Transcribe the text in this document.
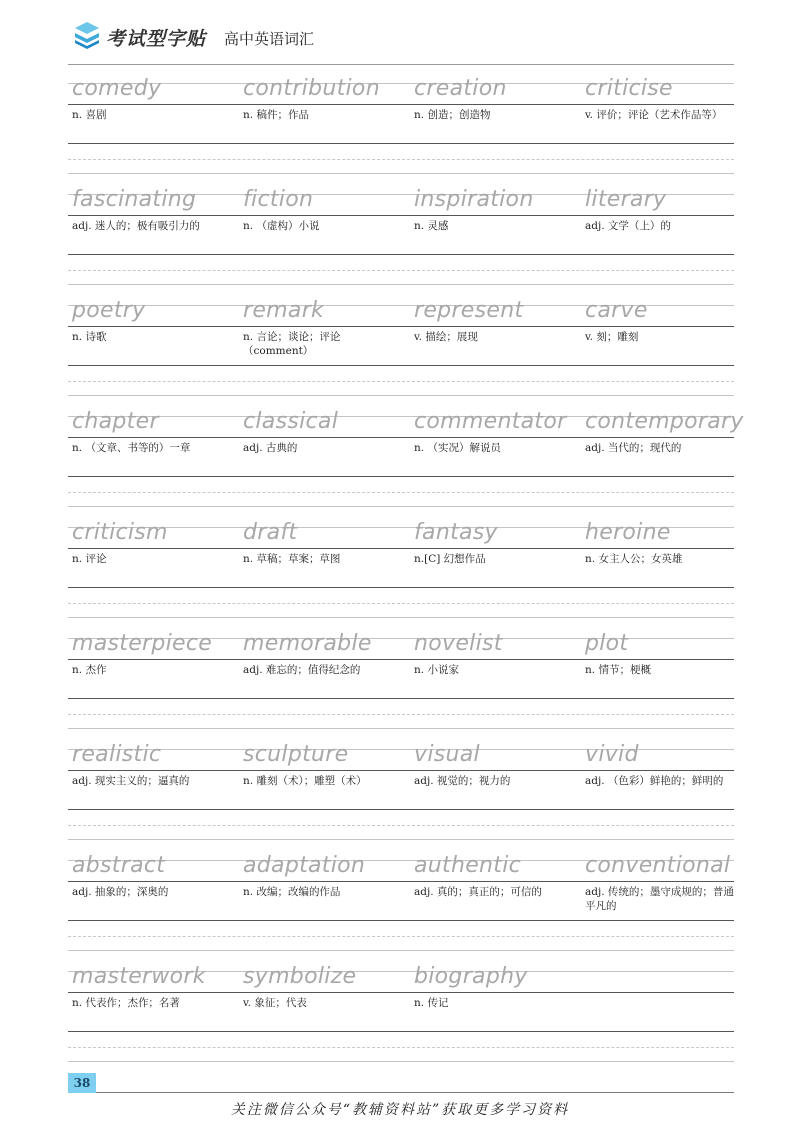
考试型字贴 高中英语词汇
comedy
n. 喜剧
contribution
n. 稿件；作品
creation
n. 创造；创造物
criticise
v. 评价；评论（艺术作品等）
fascinating
adj. 迷人的；极有吸引力的
fiction
n. （虚构）小说
inspiration
n. 灵感
literary
adj. 文学（上）的
poetry
n. 诗歌
remark
n. 言论；谈论；评论（comment）
represent
v. 描绘；展现
carve
v. 刻；雕刻
chapter
n. （文章、书等的）一章
classical
adj. 古典的
commentator
n. （实况）解说员
contemporary
adj. 当代的；现代的
criticism
n. 评论
draft
n. 草稿；草案；草图
fantasy
n.[C] 幻想作品
heroine
n. 女主人公；女英雄
masterpiece
n. 杰作
memorable
adj. 难忘的；值得纪念的
novelist
n. 小说家
plot
n. 情节；梗概
realistic
adj. 现实主义的；逼真的
sculpture
n. 雕刻（术）；雕塑（术）
visual
adj. 视觉的；视力的
vivid
adj. （色彩）鲜艳的；鲜明的
abstract
adj. 抽象的；深奥的
adaptation
n. 改编；改编的作品
authentic
adj. 真的；真正的；可信的
conventional
adj. 传统的；墨守成规的；普通平凡的
masterwork
n. 代表作；杰作；名著
symbolize
v. 象征；代表
biography
n. 传记
38
关注微信公众号“教辅资料站”获取更多学习资料
